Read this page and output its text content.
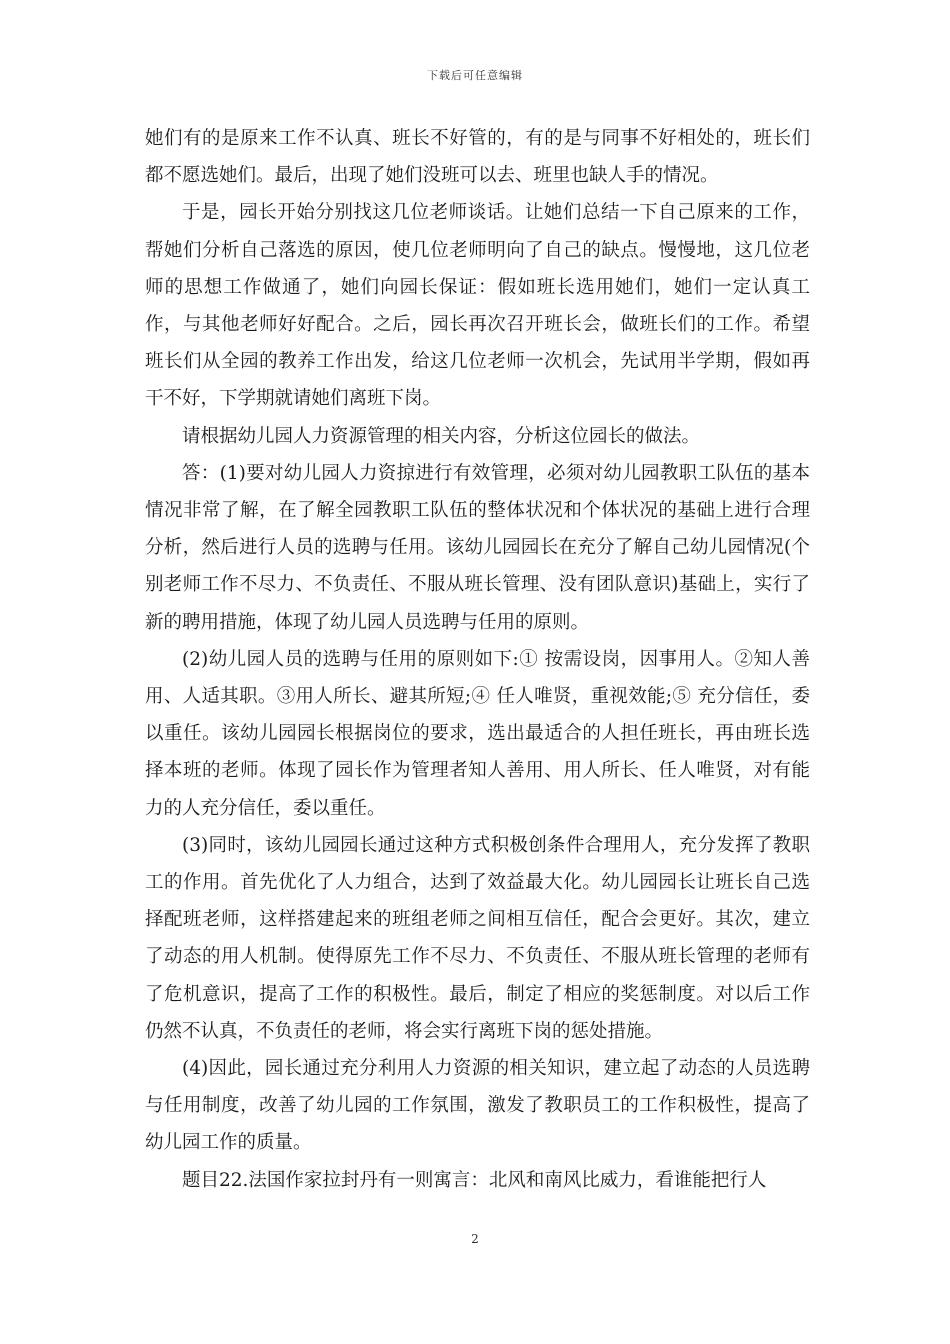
下载后可任意编辑

她们有的是原来工作不认真、班长不好管的，有的是与同事不好相处的，班长们都不愿选她们。最后，出现了她们没班可以去、班里也缺人手的情况。

于是，园长开始分别找这几位老师谈话。让她们总结一下自己原来的工作，帮她们分析自己落选的原因，使几位老师明向了自己的缺点。慢慢地，这几位老师的思想工作做通了，她们向园长保证：假如班长选用她们，她们一定认真工作，与其他老师好好配合。之后，园长再次召开班长会，做班长们的工作。希望班长们从全园的教养工作出发，给这几位老师一次机会，先试用半学期，假如再干不好，下学期就请她们离班下岗。

请根据幼儿园人力资源管理的相关内容，分析这位园长的做法。

答：(1)要对幼儿园人力资掠进行有效管理，必须对幼儿园教职工队伍的基本情况非常了解，在了解全园教职工队伍的整体状况和个体状况的基础上进行合理分析，然后进行人员的选聘与任用。该幼儿园园长在充分了解自己幼儿园情况(个别老师工作不尽力、不负责任、不服从班长管理、没有团队意识)基础上，实行了新的聘用措施，体现了幼儿园人员选聘与任用的原则。

(2)幼儿园人员的选聘与任用的原则如下:① 按需设岗，因事用人。②知人善用、人适其职。③用人所长、避其所短;④ 任人唯贤，重视效能;⑤ 充分信任，委以重任。该幼儿园园长根据岗位的要求，选出最适合的人担任班长，再由班长选择本班的老师。体现了园长作为管理者知人善用、用人所长、任人唯贤，对有能力的人充分信任，委以重任。

(3)同时，该幼儿园园长通过这种方式积极创条件合理用人，充分发挥了教职工的作用。首先优化了人力组合，达到了效益最大化。幼儿园园长让班长自己选择配班老师，这样搭建起来的班组老师之间相互信任，配合会更好。其次，建立了动态的用人机制。使得原先工作不尽力、不负责任、不服从班长管理的老师有了危机意识，提高了工作的积极性。最后，制定了相应的奖惩制度。对以后工作仍然不认真，不负责任的老师，将会实行离班下岗的惩处措施。

(4)因此，园长通过充分利用人力资源的相关知识，建立起了动态的人员选聘与任用制度，改善了幼儿园的工作氛围，激发了教职员工的工作积极性，提高了幼儿园工作的质量。

题目22.法国作家拉封丹有一则寓言：北风和南风比威力，看谁能把行人

2
